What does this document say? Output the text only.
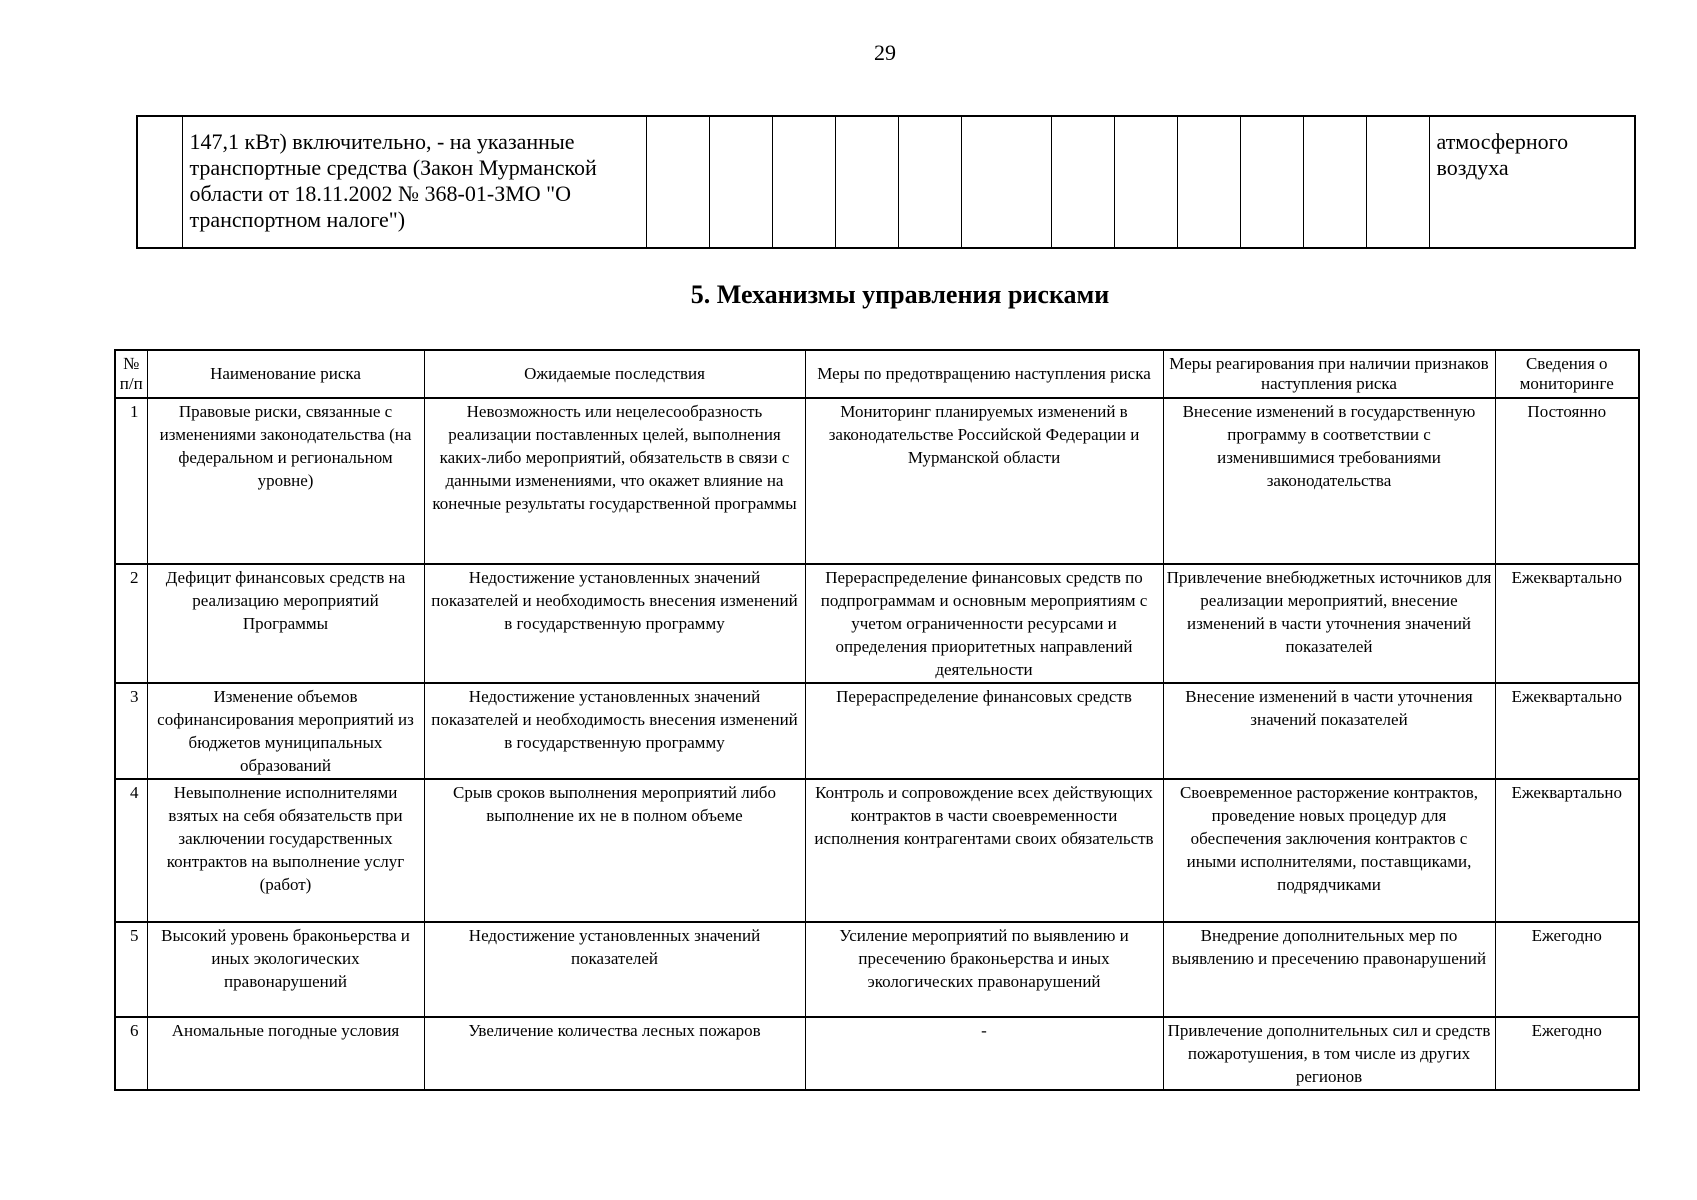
29
	147,1 кВт) включительно, - на указанные транспортные средства (Закон Мурманской области от 18.11.2002 № 368-01-ЗМО "О транспортном налоге")													атмосферного воздуха
5. Механизмы управления рисками
№ п/п	Наименование риска	Ожидаемые последствия	Меры по предотвращению наступления риска	Меры реагирования при наличии признаков наступления риска	Сведения о мониторинге
1	Правовые риски, связанные с изменениями законодательства (на федеральном и региональном уровне)	Невозможность или нецелесообразность реализации поставленных целей, выполнения каких-либо мероприятий, обязательств в связи с данными изменениями, что окажет влияние на конечные результаты государственной программы	Мониторинг планируемых изменений в законодательстве Российской Федерации и Мурманской области	Внесение изменений в государственную программу в соответствии с изменившимися требованиями законодательства	Постоянно
2	Дефицит финансовых средств на реализацию мероприятий Программы	Недостижение установленных значений показателей и необходимость внесения изменений в государственную программу	Перераспределение финансовых средств по подпрограммам и основным мероприятиям с учетом ограниченности ресурсами и определения приоритетных направлений деятельности	Привлечение внебюджетных источников для реализации мероприятий, внесение изменений в части уточнения значений показателей	Ежеквартально
3	Изменение объемов софинансирования мероприятий из бюджетов муниципальных образований	Недостижение установленных значений показателей и необходимость внесения изменений в государственную программу	Перераспределение финансовых средств	Внесение изменений в части уточнения значений показателей	Ежеквартально
4	Невыполнение исполнителями взятых на себя обязательств при заключении государственных контрактов на выполнение услуг (работ)	Срыв сроков выполнения мероприятий либо выполнение их не в полном объеме	Контроль и сопровождение всех действующих контрактов в части своевременности исполнения контрагентами своих обязательств	Своевременное расторжение контрактов, проведение новых процедур для обеспечения заключения контрактов с иными исполнителями, поставщиками, подрядчиками	Ежеквартально
5	Высокий уровень браконьерства и иных экологических правонарушений	Недостижение установленных значений показателей	Усиление мероприятий по выявлению и пресечению браконьерства и иных экологических правонарушений	Внедрение дополнительных мер по выявлению и пресечению правонарушений	Ежегодно
6	Аномальные погодные условия	Увеличение количества лесных пожаров	-	Привлечение дополнительных сил и средств пожаротушения, в том числе из других регионов	Ежегодно
